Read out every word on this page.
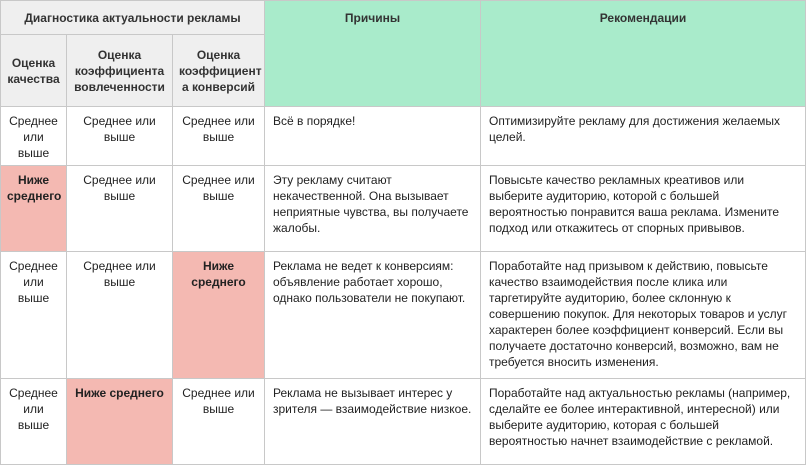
Диагностика актуальности рекламы			Причины	Рекомендации
Оценка качества	Оценка коэффициента вовлеченности	Оценка коэффициент а конверсий		
Среднее или выше	Среднее или выше	Среднее или выше	Всё в порядке!	Оптимизируйте рекламу для достижения желаемых целей.
Ниже среднего	Среднее или выше	Среднее или выше	Эту рекламу считают некачественной. Она вызывает неприятные чувства, вы получаете жалобы.	Повысьте качество рекламных креативов или выберите аудиторию, которой с большей вероятностью понравится ваша реклама. Измените подход или откажитесь от спорных привывов.
Среднее или выше	Среднее или выше	Ниже среднего	Реклама не ведет к конверсиям: объявление работает хорошо, однако пользователи не покупают.	Поработайте над призывом к действию, повысьте качество взаимодействия после клика или таргетируйте аудиторию, более склонную к совершению покупок. Для некоторых товаров и услуг характерен более коэффициент конверсий. Если вы получаете достаточно конверсий, возможно, вам не требуется вносить изменения.
Среднее или выше	Ниже среднего	Среднее или выше	Реклама не вызывает интерес у зрителя — взаимодействие низкое.	Поработайте над актуальностью рекламы (например, сделайте ее более интерактивной, интересной) или выберите аудиторию, которая с большей вероятностью начнет взаимодействие с рекламой.
